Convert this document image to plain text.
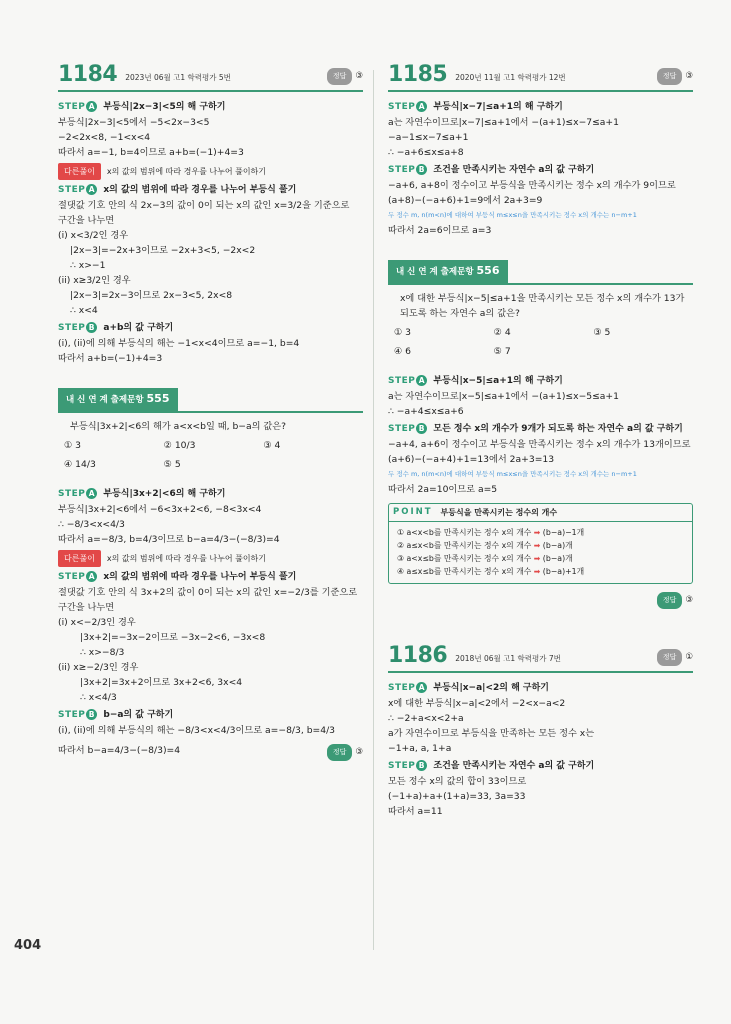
1184 2023년 06월 고1 학력평가 5번	정답	③
STEP A 부등식|2x−3|<5의 해 구하기
부등식|2x−3|<5에서 −5<2x−3<5
−2<2x<8, −1<x<4
따라서 a=−1, b=4이므로 a+b=(−1)+4=3
다른풀이	x의 값의 범위에 따라 경우를 나누어 풀이하기
STEP A x의 값의 범위에 따라 경우를 나누어 부등식 풀기
절댓값 기호 안의 식 2x−3의 값이 0이 되는 x의 값인 x=3/2을 기준으로
구간을 나누면
(i) x<3/2인 경우
|2x−3|=−2x+3이므로 −2x+3<5, −2x<2
∴ x>−1
(ii) x≥3/2인 경우
|2x−3|=2x−3이므로 2x−3<5, 2x<8
∴ x<4
STEP B a+b의 값 구하기
(i), (ii)에 의해 부등식의 해는 −1<x<4이므로 a=−1, b=4
따라서 a+b=(−1)+4=3
내 신 연 계 출제문항 555
부등식|3x+2|<6의 해가 a<x<b일 때, b−a의 값은?
① 3	② 10/3	③ 4
④ 14/3	⑤ 5
STEP A 부등식|3x+2|<6의 해 구하기
부등식|3x+2|<6에서 −6<3x+2<6, −8<3x<4
∴ −8/3<x<4/3
따라서 a=−8/3, b=4/3이므로 b−a=4/3−(−8/3)=4
다른풀이	x의 값의 범위에 따라 경우를 나누어 풀이하기
STEP A x의 값의 범위에 따라 경우를 나누어 부등식 풀기
절댓값 기호 안의 식 3x+2의 값이 0이 되는 x의 값인 x=−2/3를 기준으로
구간을 나누면
(i) x<−2/3인 경우
|3x+2|=−3x−2이므로 −3x−2<6, −3x<8
∴ x>−8/3
(ii) x≥−2/3인 경우
|3x+2|=3x+2이므로 3x+2<6, 3x<4
∴ x<4/3
STEP B b−a의 값 구하기
(i), (ii)에 의해 부등식의 해는 −8/3<x<4/3이므로 a=−8/3, b=4/3
따라서 b−a=4/3−(−8/3)=4	정답	③
1185 2020년 11월 고1 학력평가 12번	정답	③
STEP A 부등식|x−7|≤a+1의 해 구하기
a는 자연수이므로|x−7|≤a+1에서 −(a+1)≤x−7≤a+1
−a−1≤x−7≤a+1
∴ −a+6≤x≤a+8
STEP B 조건을 만족시키는 자연수 a의 값 구하기
−a+6, a+8이 정수이고 부등식을 만족시키는 정수 x의 개수가 9이므로
(a+8)−(−a+6)+1=9에서 2a+3=9
두 정수 m, n(m<n)에 대하여 부등식 m≤x≤n을 만족시키는 정수 x의 개수는 n−m+1
따라서 2a=6이므로 a=3
내 신 연 계 출제문항 556
x에 대한 부등식|x−5|≤a+1을 만족시키는 모든 정수 x의 개수가 13가
되도록 하는 자연수 a의 값은?
① 3	② 4	③ 5
④ 6	⑤ 7
STEP A 부등식|x−5|≤a+1의 해 구하기
a는 자연수이므로|x−5|≤a+1에서 −(a+1)≤x−5≤a+1
∴ −a+4≤x≤a+6
STEP B 모든 정수 x의 개수가 9개가 되도록 하는 자연수 a의 값 구하기
−a+4, a+6이 정수이고 부등식을 만족시키는 정수 x의 개수가 13개이므로
(a+6)−(−a+4)+1=13에서 2a+3=13
두 정수 m, n(m<n)에 대하여 부등식 m≤x≤n을 만족시키는 정수 x의 개수는 n−m+1
따라서 2a=10이므로 a=5
POINT 부등식을 만족시키는 정수의 개수
① a<x<b를 만족시키는 정수 x의 개수 ➡ (b−a)−1개
② a≤x<b를 만족시키는 정수 x의 개수 ➡ (b−a)개
③ a<x≤b를 만족시키는 정수 x의 개수 ➡ (b−a)개
④ a≤x≤b를 만족시키는 정수 x의 개수 ➡ (b−a)+1개
정답	③
1186 2018년 06월 고1 학력평가 7번	정답	①
STEP A 부등식|x−a|<2의 해 구하기
x에 대한 부등식|x−a|<2에서 −2<x−a<2
∴ −2+a<x<2+a
a가 자연수이므로 부등식을 만족하는 모든 정수 x는
−1+a, a, 1+a
STEP B 조건을 만족시키는 자연수 a의 값 구하기
모든 정수 x의 값의 합이 33이므로
(−1+a)+a+(1+a)=33, 3a=33
따라서 a=11
404
